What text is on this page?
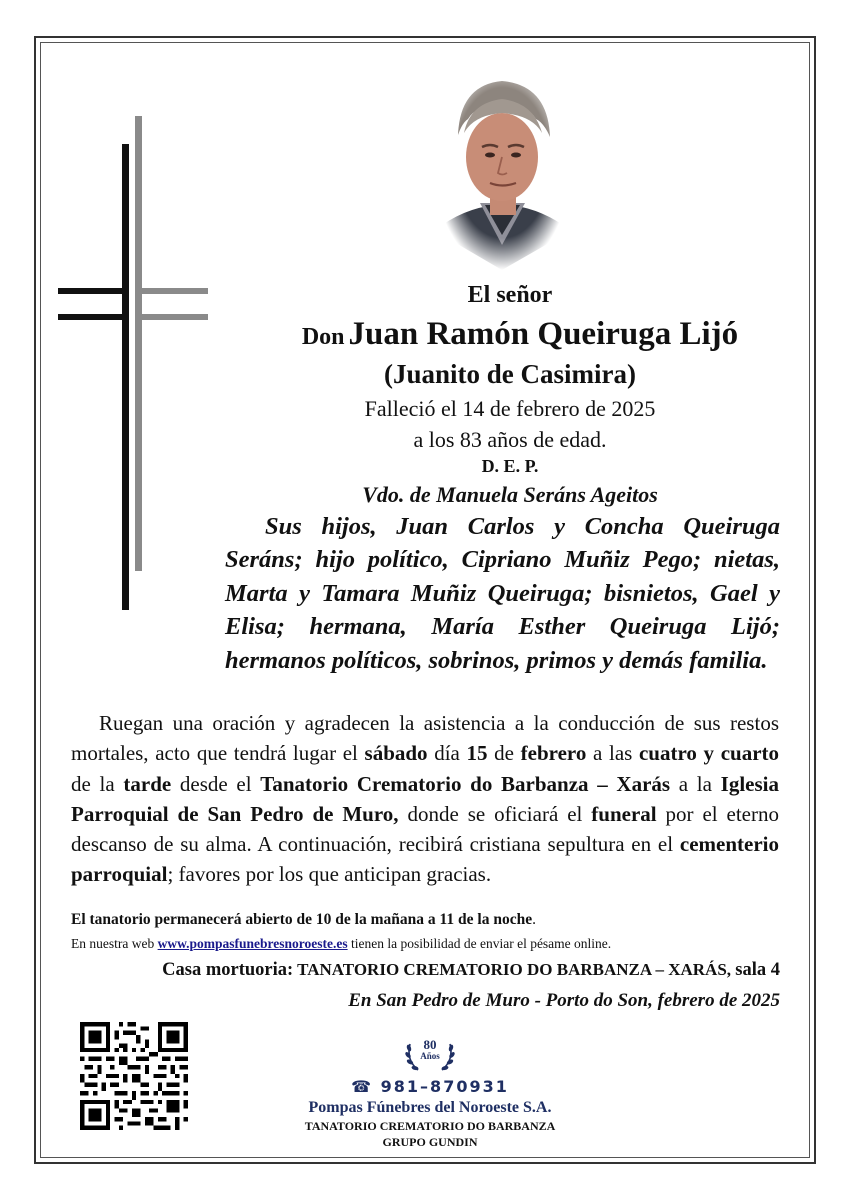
El señor
Don Juan Ramón Queiruga Lijó
(Juanito de Casimira)
Falleció el 14 de febrero de 2025
a los 83 años de edad.
D. E. P.
Vdo. de Manuela Seráns Ageitos
Sus hijos, Juan Carlos y Concha Queiruga Seráns; hijo político, Cipriano Muñiz Pego; nietas, Marta y Tamara Muñiz Queiruga; bisnietos, Gael y Elisa; hermana, María Esther Queiruga Lijó; hermanos políticos, sobrinos, primos y demás familia.
Ruegan una oración y agradecen la asistencia a la conducción de sus restos mortales, acto que tendrá lugar el sábado día 15 de febrero a las cuatro y cuarto de la tarde desde el Tanatorio Crematorio do Barbanza – Xarás a la Iglesia Parroquial de San Pedro de Muro, donde se oficiará el funeral por el eterno descanso de su alma. A continuación, recibirá cristiana sepultura en el cementerio parroquial; favores por los que anticipan gracias.
El tanatorio permanecerá abierto de 10 de la mañana a 11 de la noche.
En nuestra web www.pompasfunebresnoroeste.es tienen la posibilidad de enviar el pésame online.
Casa mortuoria: TANATORIO CREMATORIO DO BARBANZA – XARÁS, sala 4
En San Pedro de Muro - Porto do Son, febrero de 2025
80
Años
☎ 981–870931
Pompas Fúnebres del Noroeste S.A.
TANATORIO CREMATORIO DO BARBANZA
GRUPO GUNDIN
